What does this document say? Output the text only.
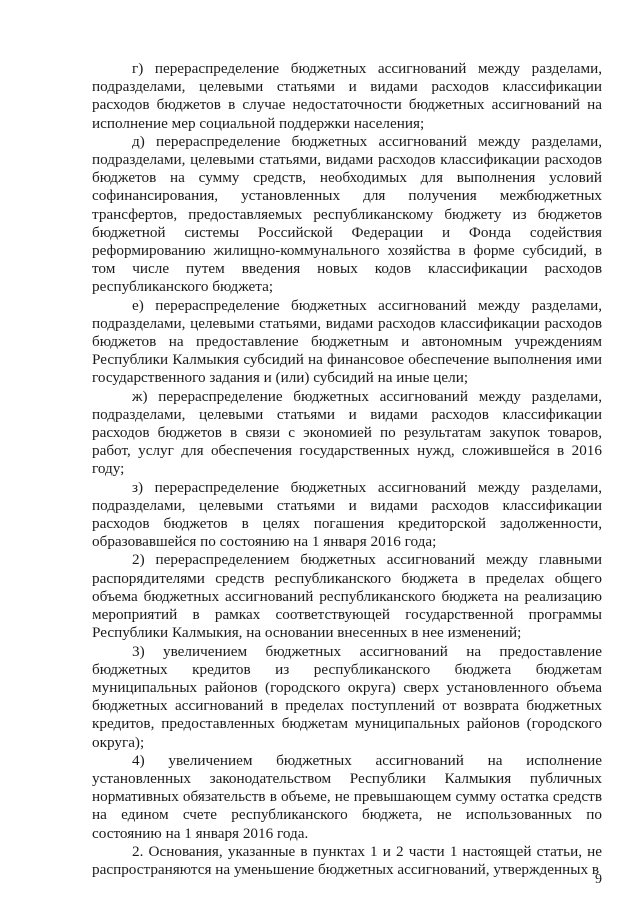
г) перераспределение бюджетных ассигнований между разделами, подразделами, целевыми статьями и видами расходов классификации расходов бюджетов в случае недостаточности бюджетных ассигнований на исполнение мер социальной поддержки населения;

д) перераспределение бюджетных ассигнований между разделами, подразделами, целевыми статьями, видами расходов классификации расходов бюджетов на сумму средств, необходимых для выполнения условий софинансирования, установленных для получения межбюджетных трансфертов, предоставляемых республиканскому бюджету из бюджетов бюджетной системы Российской Федерации и Фонда содействия реформированию жилищно-коммунального хозяйства в форме субсидий, в том числе путем введения новых кодов классификации расходов республиканского бюджета;

е) перераспределение бюджетных ассигнований между разделами, подразделами, целевыми статьями, видами расходов классификации расходов бюджетов на предоставление бюджетным и автономным учреждениям Республики Калмыкия субсидий на финансовое обеспечение выполнения ими государственного задания и (или) субсидий на иные цели;

ж) перераспределение бюджетных ассигнований между разделами, подразделами, целевыми статьями и видами расходов классификации расходов бюджетов в связи с экономией по результатам закупок товаров, работ, услуг для обеспечения государственных нужд, сложившейся в 2016 году;

з) перераспределение бюджетных ассигнований между разделами, подразделами, целевыми статьями и видами расходов классификации расходов бюджетов в целях погашения кредиторской задолженности, образовавшейся по состоянию на 1 января 2016 года;

2) перераспределением бюджетных ассигнований между главными распорядителями средств республиканского бюджета в пределах общего объема бюджетных ассигнований республиканского бюджета на реализацию мероприятий в рамках соответствующей государственной программы Республики Калмыкия, на основании внесенных в нее изменений;

3) увеличением бюджетных ассигнований на предоставление бюджетных кредитов из республиканского бюджета бюджетам муниципальных районов (городского округа) сверх установленного объема бюджетных ассигнований в пределах поступлений от возврата бюджетных кредитов, предоставленных бюджетам муниципальных районов (городского округа);

4) увеличением бюджетных ассигнований на исполнение установленных законодательством Республики Калмыкия публичных нормативных обязательств в объеме, не превышающем сумму остатка средств на едином счете республиканского бюджета, не использованных по состоянию на 1 января 2016 года.

2. Основания, указанные в пунктах 1 и 2 части 1 настоящей статьи, не распространяются на уменьшение бюджетных ассигнований, утвержденных в

9
